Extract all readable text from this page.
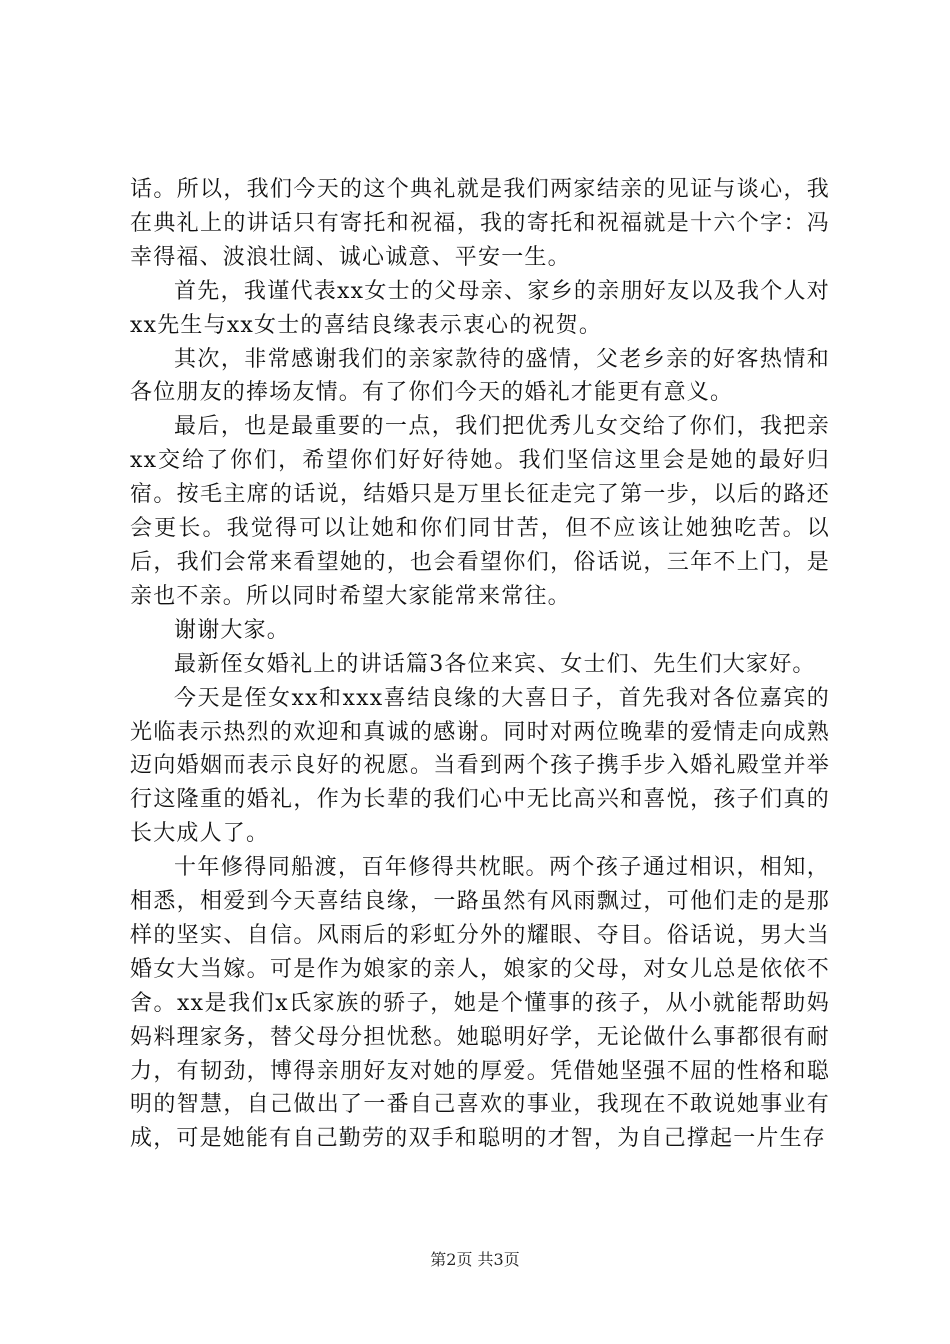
话。所以，我们今天的这个典礼就是我们两家结亲的见证与谈心，我在典礼上的讲话只有寄托和祝福，我的寄托和祝福就是十六个字：冯幸得福、波浪壮阔、诚心诚意、平安一生。

首先，我谨代表xx女士的父母亲、家乡的亲朋好友以及我个人对xx先生与xx女士的喜结良缘表示衷心的祝贺。

其次，非常感谢我们的亲家款待的盛情，父老乡亲的好客热情和各位朋友的捧场友情。有了你们今天的婚礼才能更有意义。

最后，也是最重要的一点，我们把优秀儿女交给了你们，我把亲xx交给了你们，希望你们好好待她。我们坚信这里会是她的最好归宿。按毛主席的话说，结婚只是万里长征走完了第一步，以后的路还会更长。我觉得可以让她和你们同甘苦，但不应该让她独吃苦。以后，我们会常来看望她的，也会看望你们，俗话说，三年不上门，是亲也不亲。所以同时希望大家能常来常往。

谢谢大家。

最新侄女婚礼上的讲话篇3各位来宾、女士们、先生们大家好。

今天是侄女xx和xxx喜结良缘的大喜日子，首先我对各位嘉宾的光临表示热烈的欢迎和真诚的感谢。同时对两位晚辈的爱情走向成熟迈向婚姻而表示良好的祝愿。当看到两个孩子携手步入婚礼殿堂并举行这隆重的婚礼，作为长辈的我们心中无比高兴和喜悦，孩子们真的长大成人了。

十年修得同船渡，百年修得共枕眠。两个孩子通过相识，相知，相悉，相爱到今天喜结良缘，一路虽然有风雨飘过，可他们走的是那样的坚实、自信。风雨后的彩虹分外的耀眼、夺目。俗话说，男大当婚女大当嫁。可是作为娘家的亲人，娘家的父母，对女儿总是依依不舍。xx是我们x氏家族的骄子，她是个懂事的孩子，从小就能帮助妈妈料理家务，替父母分担忧愁。她聪明好学，无论做什么事都很有耐力，有韧劲，博得亲朋好友对她的厚爱。凭借她坚强不屈的性格和聪明的智慧，自己做出了一番自己喜欢的事业，我现在不敢说她事业有成，可是她能有自己勤劳的双手和聪明的才智，为自己撑起一片生存

第2页 共3页
